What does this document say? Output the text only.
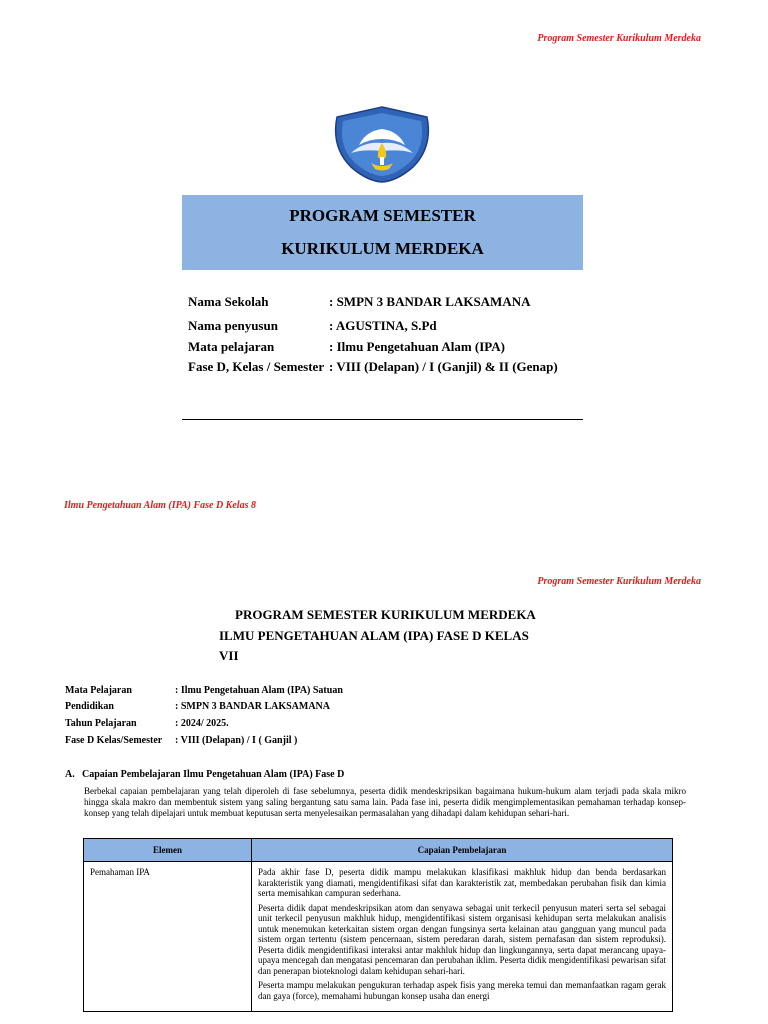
Program Semester Kurikulum Merdeka
PROGRAM SEMESTER
KURIKULUM MERDEKA
Nama Sekolah	: SMPN 3 BANDAR LAKSAMANA
Nama penyusun	: AGUSTINA, S.Pd
Mata pelajaran	: Ilmu Pengetahuan Alam (IPA)
Fase D, Kelas / Semester : VIII (Delapan) / I (Ganjil) & II (Genap)
Ilmu Pengetahuan Alam (IPA) Fase D Kelas 8
Program Semester Kurikulum Merdeka
PROGRAM SEMESTER KURIKULUM MERDEKA
ILMU PENGETAHUAN ALAM (IPA) FASE D KELAS
VII
Mata Pelajaran	: Ilmu Pengetahuan Alam (IPA) Satuan
Pendidikan	: SMPN 3 BANDAR LAKSAMANA
Tahun Pelajaran	: 2024/ 2025.
Fase D Kelas/Semester : VIII (Delapan) / I ( Ganjil )
A. Capaian Pembelajaran Ilmu Pengetahuan Alam (IPA) Fase D
Berbekal capaian pembelajaran yang telah diperoleh di fase sebelumnya, peserta didik mendeskripsikan bagaimana hukum-hukum alam terjadi pada skala mikro hingga skala makro dan membentuk sistem yang saling bergantung satu sama lain. Pada fase ini, peserta didik mengimplementasikan pemahaman terhadap konsep-konsep yang telah dipelajari untuk membuat keputusan serta menyelesaikan permasalahan yang dihadapi dalam kehidupan sehari-hari.
Elemen	Capaian Pembelajaran
Pemahaman IPA	Pada akhir fase D, peserta didik mampu melakukan klasifikasi makhluk hidup dan benda berdasarkan karakteristik yang diamati, mengidentifikasi sifat dan karakteristik zat, membedakan perubahan fisik dan kimia serta memisahkan campuran sederhana.

Peserta didik dapat mendeskripsikan atom dan senyawa sebagai unit terkecil penyusun materi serta sel sebagai unit terkecil penyusun makhluk hidup, mengidentifikasi sistem organisasi kehidupan serta melakukan analisis untuk menemukan keterkaitan sistem organ dengan fungsinya serta kelainan atau gangguan yang muncul pada sistem organ tertentu (sistem pencernaan, sistem peredaran darah, sistem pernafasan dan sistem reproduksi). Peserta didik mengidentifikasi interaksi antar makhluk hidup dan lingkungannya, serta dapat merancang upaya-upaya mencegah dan mengatasi pencemaran dan perubahan iklim. Peserta didik mengidentifikasi pewarisan sifat dan penerapan bioteknologi dalam kehidupan sehari-hari.

Peserta mampu melakukan pengukuran terhadap aspek fisis yang mereka temui dan memanfaatkan ragam gerak dan gaya (force), memahami hubungan konsep usaha dan energi
